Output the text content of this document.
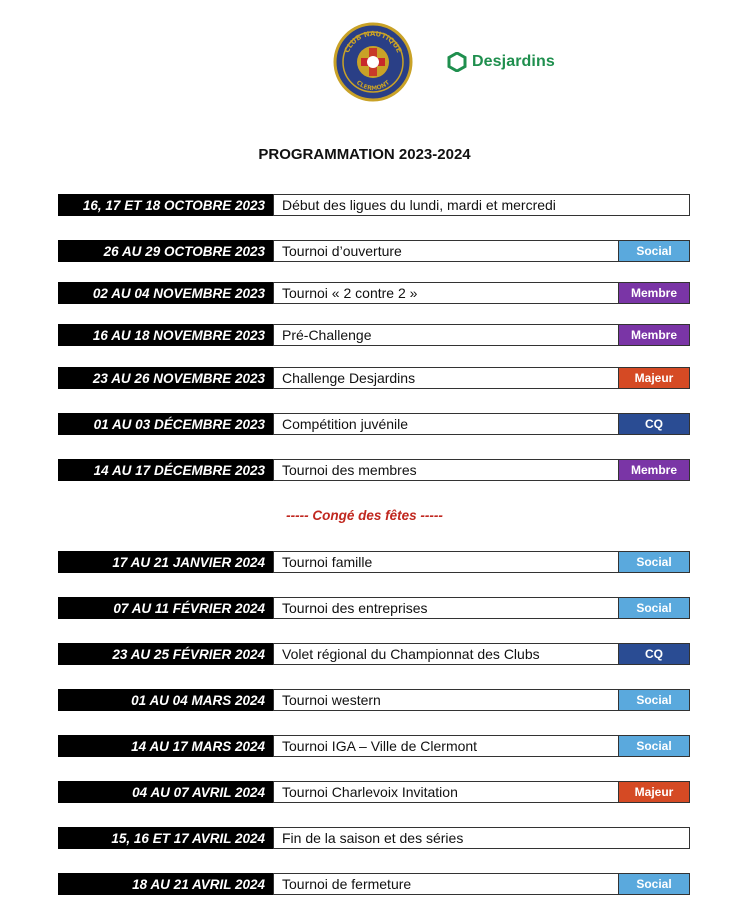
CLUB NAUTIQUE
CLERMONT
Desjardins
PROGRAMMATION 2023-2024
16, 17 ET 18 OCTOBRE 2023	Début des ligues du lundi, mardi et mercredi
26 AU 29 OCTOBRE 2023	Tournoi d’ouverture	Social
02 AU 04 NOVEMBRE 2023	Tournoi « 2 contre 2 »	Membre
16 AU 18 NOVEMBRE 2023	Pré-Challenge	Membre
23 AU 26 NOVEMBRE 2023	Challenge Desjardins	Majeur
01 AU 03 DÉCEMBRE 2023	Compétition juvénile	CQ
14 AU 17 DÉCEMBRE 2023	Tournoi des membres	Membre
----- Congé des fêtes -----
17 AU 21 JANVIER 2024	Tournoi famille	Social
07 AU 11 FÉVRIER 2024	Tournoi des entreprises	Social
23 AU 25 FÉVRIER 2024	Volet régional du Championnat des Clubs	CQ
01 AU 04 MARS 2024	Tournoi western	Social
14 AU 17 MARS 2024	Tournoi IGA – Ville de Clermont	Social
04 AU 07 AVRIL 2024	Tournoi Charlevoix Invitation	Majeur
15, 16 ET 17 AVRIL 2024	Fin de la saison et des séries
18 AU 21 AVRIL 2024	Tournoi de fermeture	Social
